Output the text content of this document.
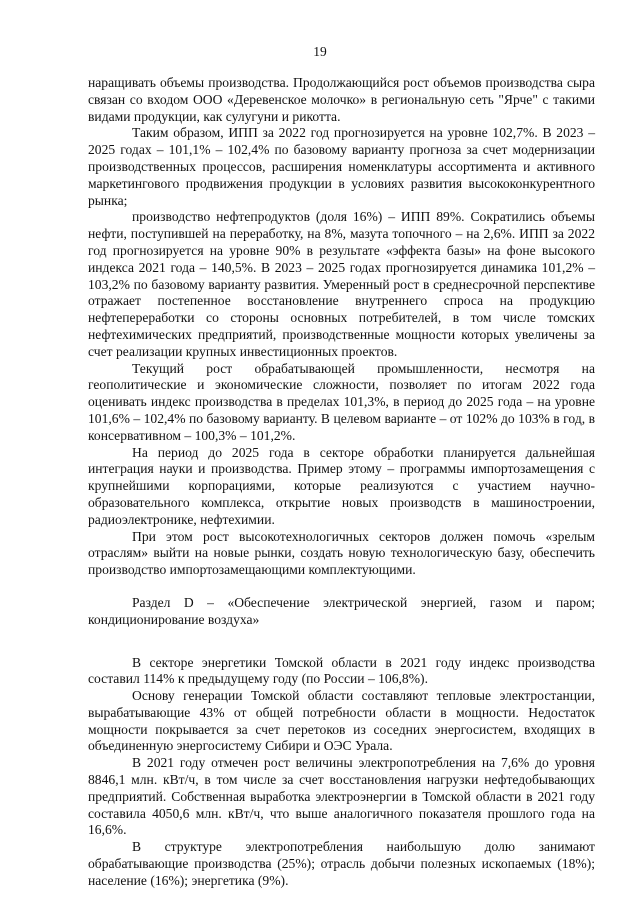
19

наращивать объемы производства. Продолжающийся рост объемов производства сыра связан со входом ООО «Деревенское молочко» в региональную сеть "Ярче" с такими видами продукции, как сулугуни и рикотта.

Таким образом, ИПП за 2022 год прогнозируется на уровне 102,7%. В 2023 – 2025 годах – 101,1% – 102,4% по базовому варианту прогноза за счет модернизации производственных процессов, расширения номенклатуры ассортимента и активного маркетингового продвижения продукции в условиях развития высококонкурентного рынка;

производство нефтепродуктов (доля 16%) – ИПП 89%. Сократились объемы нефти, поступившей на переработку, на 8%, мазута топочного – на 2,6%. ИПП за 2022 год прогнозируется на уровне 90% в результате «эффекта базы» на фоне высокого индекса 2021 года – 140,5%. В 2023 – 2025 годах прогнозируется динамика 101,2% – 103,2% по базовому варианту развития. Умеренный рост в среднесрочной перспективе отражает постепенное восстановление внутреннего спроса на продукцию нефтепереработки со стороны основных потребителей, в том числе томских нефтехимических предприятий, производственные мощности которых увеличены за счет реализации крупных инвестиционных проектов.

Текущий рост обрабатывающей промышленности, несмотря на геополитические и экономические сложности, позволяет по итогам 2022 года оценивать индекс производства в пределах 101,3%, в период до 2025 года – на уровне 101,6% – 102,4% по базовому варианту. В целевом варианте – от 102% до 103% в год, в консервативном – 100,3% – 101,2%.

На период до 2025 года в секторе обработки планируется дальнейшая интеграция науки и производства. Пример этому – программы импортозамещения с крупнейшими корпорациями, которые реализуются с участием научно-образовательного комплекса, открытие новых производств в машиностроении, радиоэлектронике, нефтехимии.

При этом рост высокотехнологичных секторов должен помочь «зрелым отраслям» выйти на новые рынки, создать новую технологическую базу, обеспечить производство импортозамещающими комплектующими.

Раздел D – «Обеспечение электрической энергией, газом и паром; кондиционирование воздуха»

В секторе энергетики Томской области в 2021 году индекс производства составил 114% к предыдущему году (по России – 106,8%).

Основу генерации Томской области составляют тепловые электростанции, вырабатывающие 43% от общей потребности области в мощности. Недостаток мощности покрывается за счет перетоков из соседних энергосистем, входящих в объединенную энергосистему Сибири и ОЭС Урала.

В 2021 году отмечен рост величины электропотребления на 7,6% до уровня 8846,1 млн. кВт/ч, в том числе за счет восстановления нагрузки нефтедобывающих предприятий. Собственная выработка электроэнергии в Томской области в 2021 году составила 4050,6 млн. кВт/ч, что выше аналогичного показателя прошлого года на 16,6%.

В структуре электропотребления наибольшую долю занимают обрабатывающие производства (25%); отрасль добычи полезных ископаемых (18%); население (16%); энергетика (9%).
